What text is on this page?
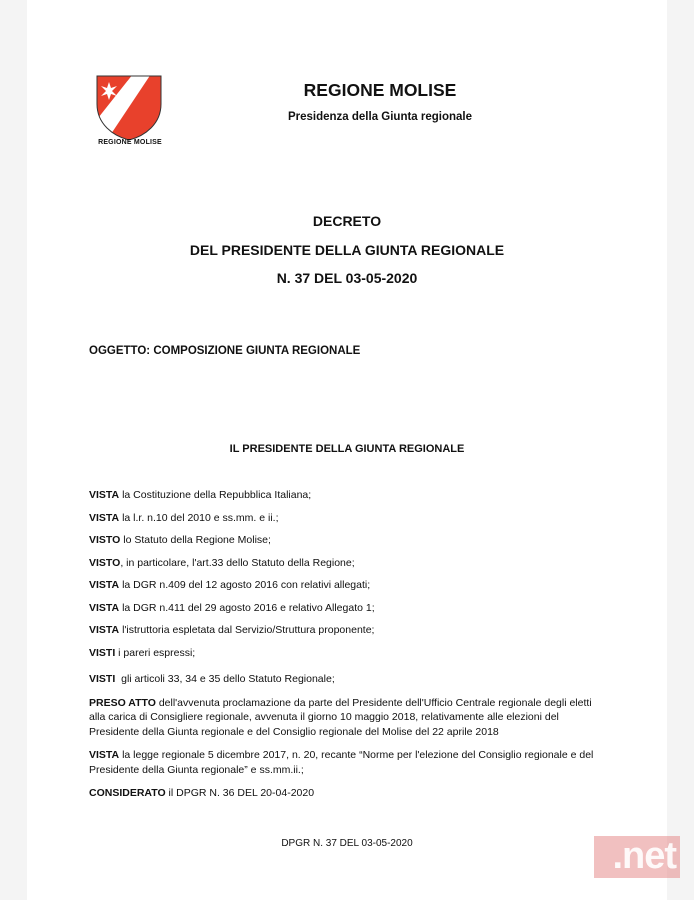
REGIONE MOLISE
REGIONE MOLISE
Presidenza della Giunta regionale
DECRETO
DEL PRESIDENTE DELLA GIUNTA REGIONALE
N. 37 DEL 03-05-2020
OGGETTO: COMPOSIZIONE GIUNTA REGIONALE
IL PRESIDENTE DELLA GIUNTA REGIONALE

VISTA la Costituzione della Repubblica Italiana;

VISTA la l.r. n.10 del 2010 e ss.mm. e ii.;

VISTO lo Statuto della Regione Molise;

VISTO, in particolare, l'art.33 dello Statuto della Regione;

VISTA la DGR n.409 del 12 agosto 2016 con relativi allegati;

VISTA la DGR n.411 del 29 agosto 2016 e relativo Allegato 1;

VISTA l'istruttoria espletata dal Servizio/Struttura proponente;

VISTI i pareri espressi;

VISTI  gli articoli 33, 34 e 35 dello Statuto Regionale;

PRESO ATTO dell'avvenuta proclamazione da parte del Presidente dell'Ufficio Centrale regionale degli eletti alla carica di Consigliere regionale, avvenuta il giorno 10 maggio 2018, relativamente alle elezioni del Presidente della Giunta regionale e del Consiglio regionale del Molise del 22 aprile 2018

VISTA la legge regionale 5 dicembre 2017, n. 20, recante “Norme per l'elezione del Consiglio regionale e del Presidente della Giunta regionale” e ss.mm.ii.;

CONSIDERATO il DPGR N. 36 DEL 20-04-2020

DPGR N. 37 DEL 03-05-2020	.net
